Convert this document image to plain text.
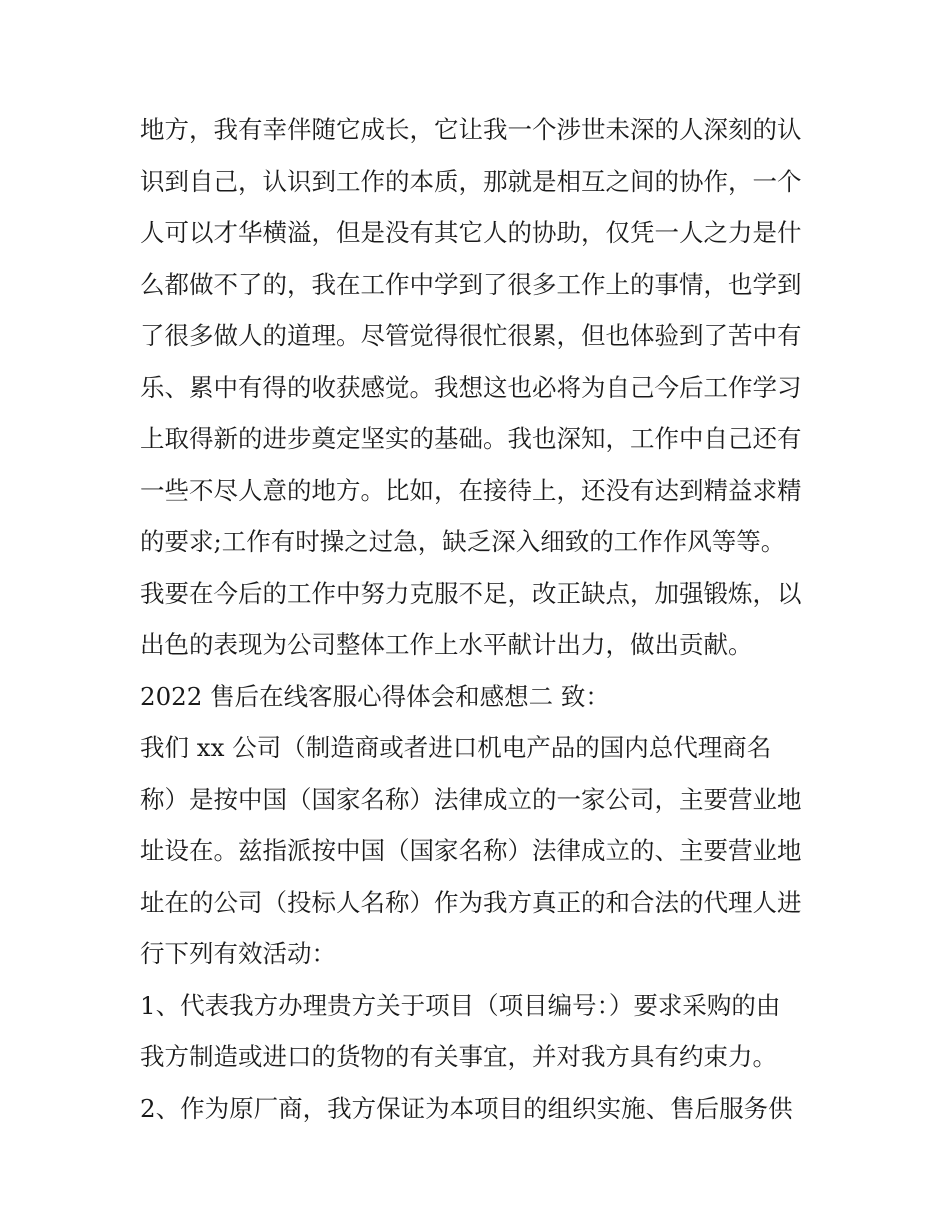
地方，我有幸伴随它成长，它让我一个涉世未深的人深刻的认
识到自己，认识到工作的本质，那就是相互之间的协作，一个
人可以才华横溢，但是没有其它人的协助，仅凭一人之力是什
么都做不了的，我在工作中学到了很多工作上的事情，也学到
了很多做人的道理。尽管觉得很忙很累，但也体验到了苦中有
乐、累中有得的收获感觉。我想这也必将为自己今后工作学习
上取得新的进步奠定坚实的基础。我也深知，工作中自己还有
一些不尽人意的地方。比如，在接待上，还没有达到精益求精
的要求;工作有时操之过急，缺乏深入细致的工作作风等等。
我要在今后的工作中努力克服不足，改正缺点，加强锻炼，以
出色的表现为公司整体工作上水平献计出力，做出贡献。
2022 售后在线客服心得体会和感想二 致：
我们 xx 公司（制造商或者进口机电产品的国内总代理商名
称）是按中国（国家名称）法律成立的一家公司，主要营业地
址设在。兹指派按中国（国家名称）法律成立的、主要营业地
址在的公司（投标人名称）作为我方真正的和合法的代理人进
行下列有效活动：
1、代表我方办理贵方关于项目（项目编号：）要求采购的由
我方制造或进口的货物的有关事宜，并对我方具有约束力。
2、作为原厂商，我方保证为本项目的组织实施、售后服务供
